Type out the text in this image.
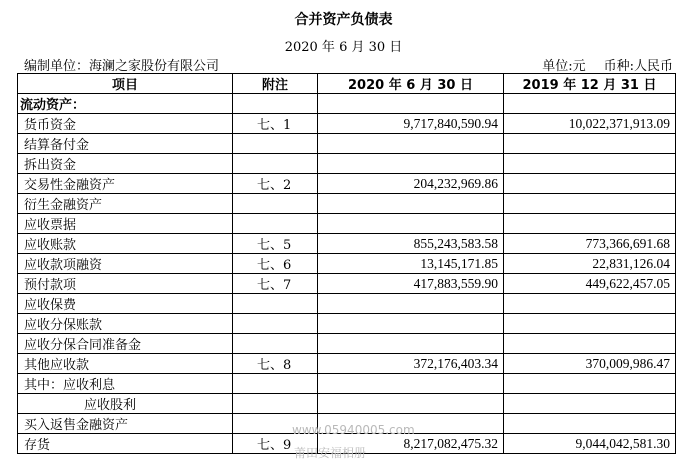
合并资产负债表
2020 年 6 月 30 日
编制单位：海澜之家股份有限公司	单位:元 币种:人民币
项目	附注	2020 年 6 月 30 日	2019 年 12 月 31 日
流动资产：			
货币资金	七、1	9,717,840,590.94	10,022,371,913.09
结算备付金			
拆出资金			
交易性金融资产	七、2	204,232,969.86	
衍生金融资产			
应收票据			
应收账款	七、5	855,243,583.58	773,366,691.68
应收款项融资	七、6	13,145,171.85	22,831,126.04
预付款项	七、7	417,883,559.90	449,622,457.05
应收保费			
应收分保账款			
应收分保合同准备金			
其他应收款	七、8	372,176,403.34	370,009,986.47
其中：应收利息			
应收股利			
买入返售金融资产			
存货	七、9	8,217,082,475.32	9,044,042,581.30
www.05940005.com
莆田安福相册
